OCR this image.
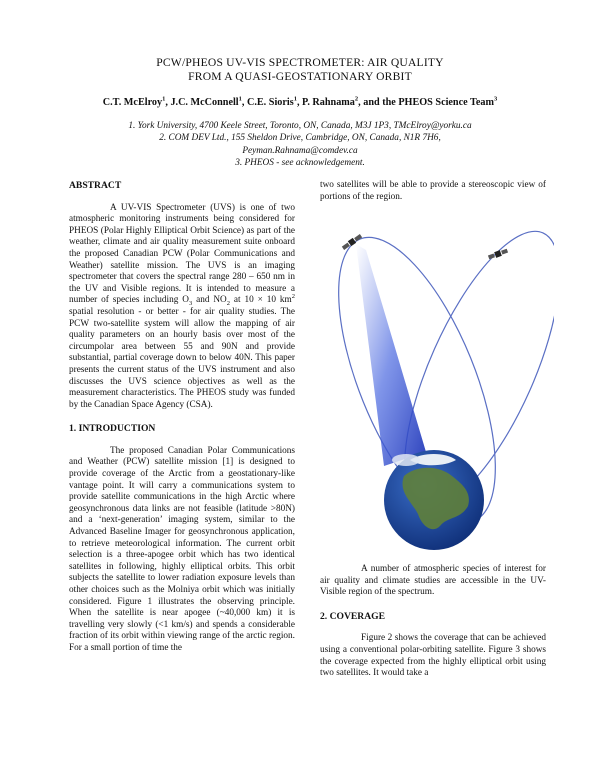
PCW/PHEOS UV-VIS SPECTROMETER: AIR QUALITY
FROM A QUASI-GEOSTATIONARY ORBIT
C.T. McElroy$^1$, J.C. McConnell$^1$, C.E. Sioris$^1$, P. Rahnama$^2$, and the PHEOS Science Team$^3$
1. York University, 4700 Keele Street, Toronto, ON, Canada, M3J 1P3, TMcElroy@yorku.ca
2. COM DEV Ltd., 155 Sheldon Drive, Cambridge, ON, Canada, N1R 7H6,
Peyman.Rahnama@comdev.ca
3. PHEOS - see acknowledgement.

ABSTRACT

A UV-VIS Spectrometer (UVS) is one of two atmospheric monitoring instruments being considered for PHEOS (Polar Highly Elliptical Orbit Science) as part of the weather, climate and air quality measurement suite onboard the proposed Canadian PCW (Polar Communications and Weather) satellite mission. The UVS is an imaging spectrometer that covers the spectral range 280 – 650 nm in the UV and Visible regions. It is intended to measure a number of species including $O_3$ and $NO_2$ at 10 × 10 $km^2$ spatial resolution - or better - for air quality studies. The PCW two-satellite system will allow the mapping of air quality parameters on an hourly basis over most of the circumpolar area between 55 and 90N and provide substantial, partial coverage down to below 40N. This paper presents the current status of the UVS instrument and also discusses the UVS science objectives as well as the measurement characteristics. The PHEOS study was funded by the Canadian Space Agency (CSA).

1. INTRODUCTION

The proposed Canadian Polar Communications and Weather (PCW) satellite mission [1] is designed to provide coverage of the Arctic from a geostationary-like vantage point. It will carry a communications system to provide satellite communications in the high Arctic where geosynchronous data links are not feasible (latitude >80N) and a ‘next-generation’ imaging system, similar to the Advanced Baseline Imager for geosynchronous application, to retrieve meteorological information. The current orbit selection is a three-apogee orbit which has two identical satellites in following, highly elliptical orbits. This orbit subjects the satellite to lower radiation exposure levels than other choices such as the Molniya orbit which was initially considered. Figure 1 illustrates the observing principle. When the satellite is near apogee (~40,000 km) it is travelling very slowly (<1 km/s) and spends a considerable fraction of its orbit within viewing range of the arctic region. For a small portion of time the

two satellites will be able to provide a stereoscopic view of portions of the region.

A number of atmospheric species of interest for air quality and climate studies are accessible in the UV-Visible region of the spectrum.

2. COVERAGE

Figure 2 shows the coverage that can be achieved using a conventional polar-orbiting satellite. Figure 3 shows the coverage expected from the highly elliptical orbit using two satellites. It would take a
